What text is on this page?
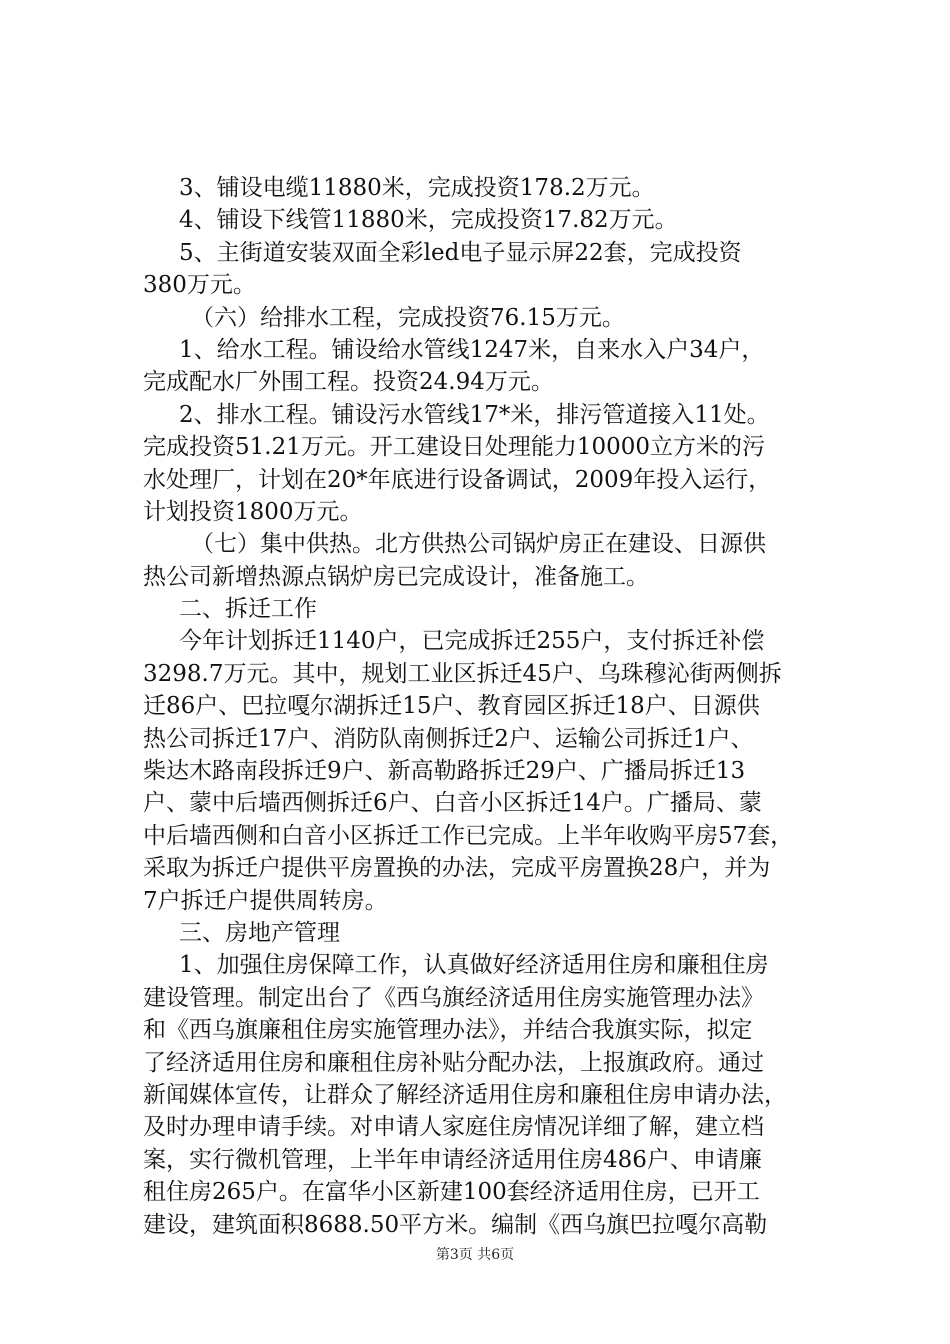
3、铺设电缆11880米，完成投资178.2万元。
4、铺设下线管11880米，完成投资17.82万元。
5、主街道安装双面全彩led电子显示屏22套，完成投资
380万元。
（六）给排水工程，完成投资76.15万元。
1、给水工程。铺设给水管线1247米，自来水入户34户，
完成配水厂外围工程。投资24.94万元。
2、排水工程。铺设污水管线17*米，排污管道接入11处。
完成投资51.21万元。开工建设日处理能力10000立方米的污
水处理厂，计划在20*年底进行设备调试，2009年投入运行，
计划投资1800万元。
（七）集中供热。北方供热公司锅炉房正在建设、日源供
热公司新增热源点锅炉房已完成设计，准备施工。
二、拆迁工作
今年计划拆迁1140户，已完成拆迁255户，支付拆迁补偿
3298.7万元。其中，规划工业区拆迁45户、乌珠穆沁街两侧拆
迁86户、巴拉嘎尔湖拆迁15户、教育园区拆迁18户、日源供
热公司拆迁17户、消防队南侧拆迁2户、运输公司拆迁1户、
柴达木路南段拆迁9户、新高勒路拆迁29户、广播局拆迁13
户、蒙中后墙西侧拆迁6户、白音小区拆迁14户。广播局、蒙
中后墙西侧和白音小区拆迁工作已完成。上半年收购平房57套，
采取为拆迁户提供平房置换的办法，完成平房置换28户，并为
7户拆迁户提供周转房。
三、房地产管理
1、加强住房保障工作，认真做好经济适用住房和廉租住房
建设管理。制定出台了《西乌旗经济适用住房实施管理办法》
和《西乌旗廉租住房实施管理办法》，并结合我旗实际，拟定
了经济适用住房和廉租住房补贴分配办法，上报旗政府。通过
新闻媒体宣传，让群众了解经济适用住房和廉租住房申请办法，
及时办理申请手续。对申请人家庭住房情况详细了解，建立档
案，实行微机管理，上半年申请经济适用住房486户、申请廉
租住房265户。在富华小区新建100套经济适用住房，已开工
建设，建筑面积8688.50平方米。编制《西乌旗巴拉嘎尔高勒
第3页 共6页
